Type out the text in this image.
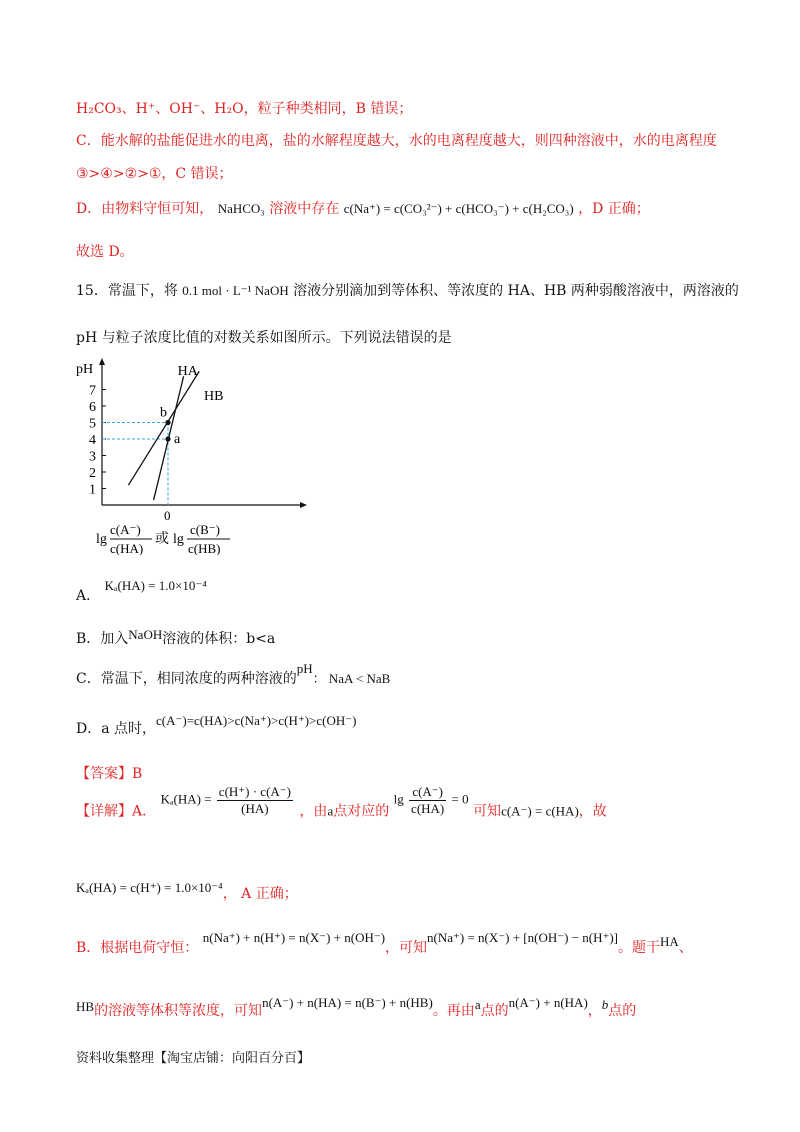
H₂CO₃、H⁺、OH⁻、H₂O，粒子种类相同，B 错误；
C．能水解的盐能促进水的电离，盐的水解程度越大，水的电离程度越大，则四种溶液中，水的电离程度
③>④>②>①，C 错误；
D．由物料守恒可知， NaHCO₃ 溶液中存在 c(Na⁺) = c(CO₃²⁻) + c(HCO₃⁻) + c(H₂CO₃) ，D 正确；
故选 D。
15．常温下，将 0.1 mol · L⁻¹ NaOH 溶液分别滴加到等体积、等浓度的 HA、HB 两种弱酸溶液中，两溶液的
pH 与粒子浓度比值的对数关系如图所示。下列说法错误的是
pH
1
2
3
4
5
6
7
0
HA
HB
a
b
lg
c(A⁻)
c(HA)
或 lg
c(B⁻)
c(HB)
A． Kₐ(HA) = 1.0×10⁻⁴
B．加入NaOH溶液的体积：b<a
C．常温下，相同浓度的两种溶液的pH： NaA < NaB
D．a 点时，c(A⁻)=c(HA)>c(Na⁺)>c(H⁺)>c(OH⁻)
【答案】B
【详解】A． $K_a(HA) = \frac{c(H^+) \cdot c(A^-)}{(HA)}$ ，由a点对应的 $\lg \frac{c(A^-)}{c(HA)} = 0$ 可知c(A⁻) = c(HA)，故
Kₐ(HA) = c(H⁺) = 1.0×10⁻⁴， A 正确；
B．根据电荷守恒： n(Na⁺) + n(H⁺) = n(X⁻) + n(OH⁻)，可知n(Na⁺) = n(X⁻) + [n(OH⁻) − n(H⁺)]。题干HA、
HB的溶液等体积等浓度，可知n(A⁻) + n(HA) = n(B⁻) + n(HB)。再由a点的n(A⁻) + n(HA)，b点的
资料收集整理【淘宝店铺：向阳百分百】
